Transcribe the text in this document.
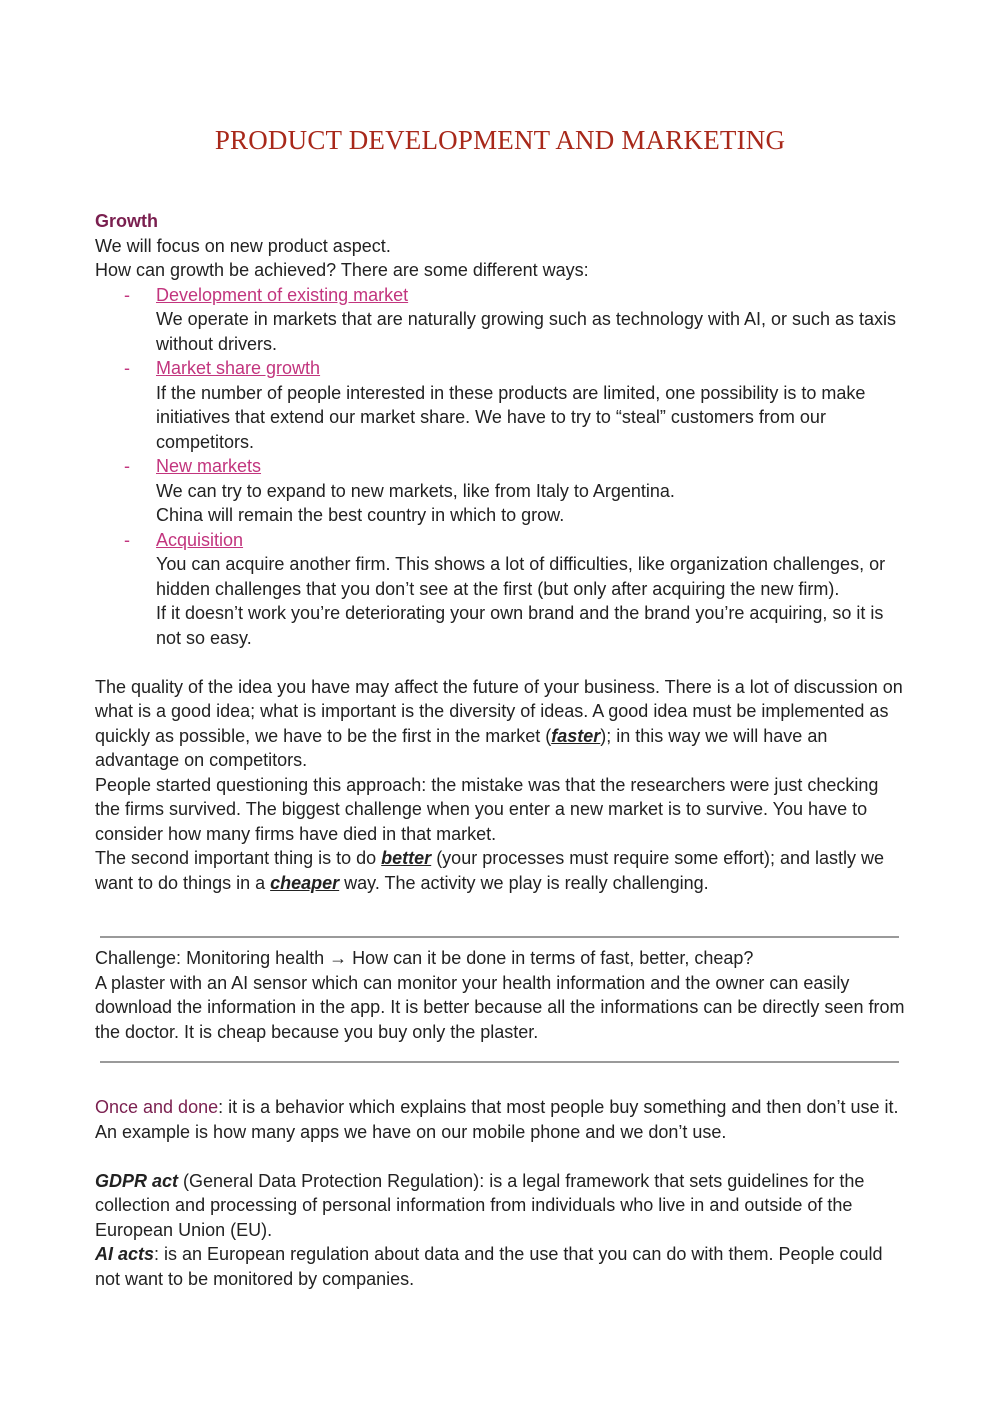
PRODUCT DEVELOPMENT AND MARKETING

Growth

We will focus on new product aspect.

How can growth be achieved? There are some different ways:

- Development of existing market
We operate in markets that are naturally growing such as technology with AI, or such as taxis without drivers.
- Market share growth
If the number of people interested in these products are limited, one possibility is to make initiatives that extend our market share. We have to try to “steal” customers from our competitors.
- New markets
We can try to expand to new markets, like from Italy to Argentina.
China will remain the best country in which to grow.
- Acquisition
You can acquire another firm. This shows a lot of difficulties, like organization challenges, or hidden challenges that you don’t see at the first (but only after acquiring the new firm).
If it doesn’t work you’re deteriorating your own brand and the brand you’re acquiring, so it is not so easy.

The quality of the idea you have may affect the future of your business. There is a lot of discussion on what is a good idea; what is important is the diversity of ideas. A good idea must be implemented as quickly as possible, we have to be the first in the market (faster); in this way we will have an advantage on competitors.

People started questioning this approach: the mistake was that the researchers were just checking the firms survived. The biggest challenge when you enter a new market is to survive. You have to consider how many firms have died in that market.

The second important thing is to do better (your processes must require some effort); and lastly we want to do things in a cheaper way. The activity we play is really challenging.

Challenge: Monitoring health → How can it be done in terms of fast, better, cheap?

A plaster with an AI sensor which can monitor your health information and the owner can easily download the information in the app. It is better because all the informations can be directly seen from the doctor. It is cheap because you buy only the plaster.

Once and done: it is a behavior which explains that most people buy something and then don’t use it. An example is how many apps we have on our mobile phone and we don’t use.

GDPR act (General Data Protection Regulation): is a legal framework that sets guidelines for the collection and processing of personal information from individuals who live in and outside of the European Union (EU).

AI acts: is an European regulation about data and the use that you can do with them. People could not want to be monitored by companies.
